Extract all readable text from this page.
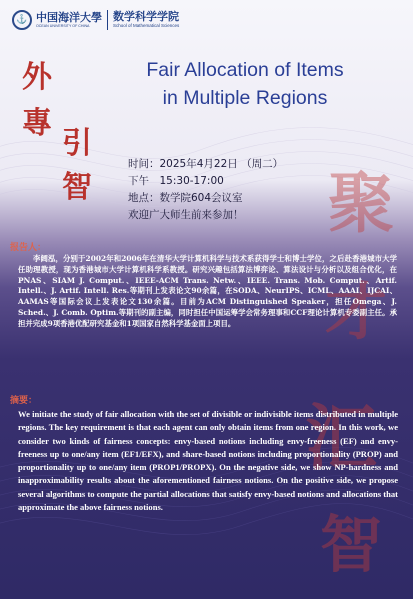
⚓ 中国海洋大學
OCEAN UNIVERSITY OF CHINA
数学科学学院
School of Mathematical Sciences
外
專
引
智
Fair Allocation of Items
in Multiple Regions
时间：2025年4月22日 （周二）
下午　15:30-17:00
地点：数学院604会议室
欢迎广大师生前来参加！	聚
才
汇
智
报告人：
　　李阔泓，分别于2002年和2006年在清华大学计算机科学与技术系获得学士和博士学位，之后赴香港城市大学任助理教授，现为香港城市大学计算机科学系教授。研究兴趣包括算法博弈论、算法设计与分析以及组合优化，在PNAS、SIAM J. Comput.、IEEE-ACM Trans. Netw.、IEEE. Trans. Mob. Comput.、Artif. Intell.、J. Artif. Intell. Res.等期刊上发表论文90余篇，在SODA、NeurIPS、ICML、AAAI、IJCAI、AAMAS等国际会议上发表论文130余篇。目前为ACM Distinguished Speaker，担任Omega、J. Sched.、J. Comb. Optim.等期刊的副主编，同时担任中国运筹学会常务理事和CCF理论计算机专委副主任。承担并完成9项香港优配研究基金和1项国家自然科学基金面上项目。
摘要：
We initiate the study of fair allocation with the set of divisible or indivisible items distributed in multiple regions. The key requirement is that each agent can only obtain items from one region. In this work, we consider two kinds of fairness concepts: envy-based notions including envy-freeness (EF) and envy-freeness up to one/any item (EF1/EFX), and share-based notions including proportionality (PROP) and proportionality up to one/any item (PROP1/PROPX). On the negative side, we show NP-hardness and inapproximability results about the aforementioned fairness notions. On the positive side, we propose several algorithms to compute the partial allocations that satisfy envy-based notions and allocations that approximate the above fairness notions.
